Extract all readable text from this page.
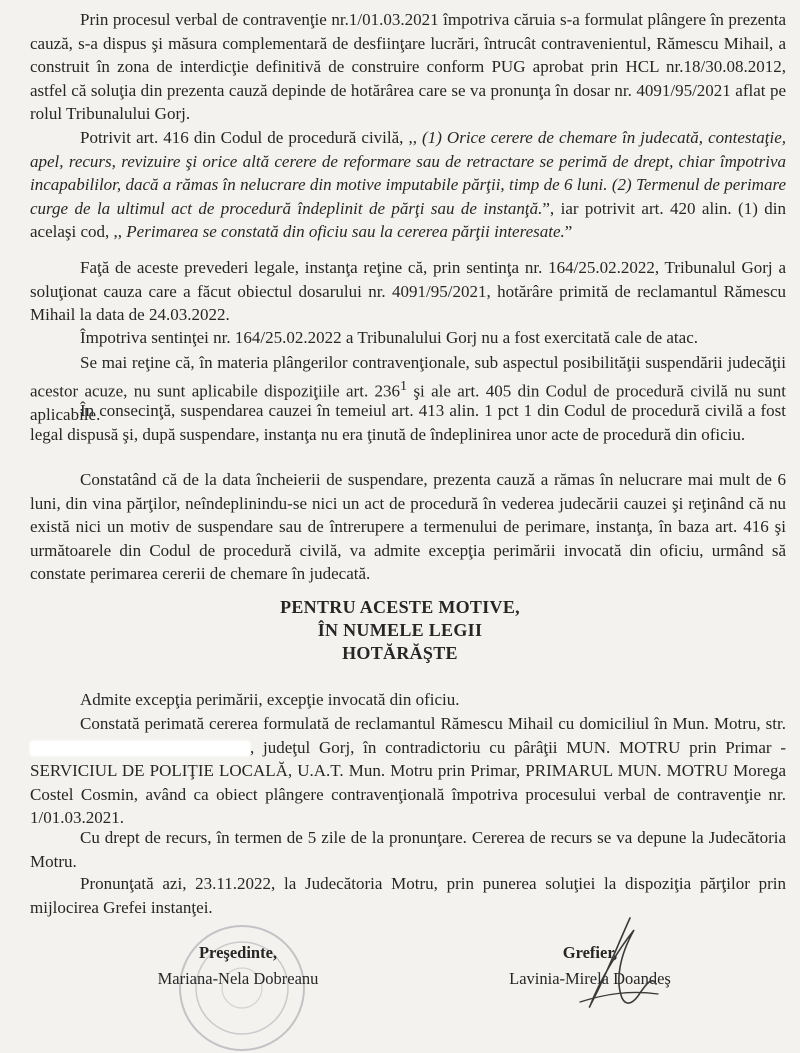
Prin procesul verbal de contravenţie nr.1/01.03.2021 împotriva căruia s-a formulat plângere în prezenta cauză, s-a dispus şi măsura complementară de desfiinţare lucrări, întrucât contravenientul, Rămescu Mihail, a construit în zona de interdicţie definitivă de construire conform PUG aprobat prin HCL nr.18/30.08.2012, astfel că soluţia din prezenta cauză depinde de hotărârea care se va pronunţa în dosar nr. 4091/95/2021 aflat pe rolul Tribunalului Gorj.

Potrivit art. 416 din Codul de procedură civilă, ,, (1) Orice cerere de chemare în judecată, contestaţie, apel, recurs, revizuire şi orice altă cerere de reformare sau de retractare se perimă de drept, chiar împotriva incapabililor, dacă a rămas în nelucrare din motive imputabile părţii, timp de 6 luni. (2) Termenul de perimare curge de la ultimul act de procedură îndeplinit de părţi sau de instanţă.”, iar potrivit art. 420 alin. (1) din acelaşi cod, ,, Perimarea se constată din oficiu sau la cererea părţii interesate.”

Faţă de aceste prevederi legale, instanţa reţine că, prin sentinţa nr. 164/25.02.2022, Tribunalul Gorj a soluţionat cauza care a făcut obiectul dosarului nr. 4091/95/2021, hotărâre primită de reclamantul Rămescu Mihail la data de 24.03.2022.

Împotriva sentinţei nr. 164/25.02.2022 a Tribunalului Gorj nu a fost exercitată cale de atac.

Se mai reţine că, în materia plângerilor contravenţionale, sub aspectul posibilităţii suspendării judecăţii acestor acuze, nu sunt aplicabile dispoziţiile art. $236^1$ şi ale art. 405 din Codul de procedură civilă nu sunt aplicabile.

În consecinţă, suspendarea cauzei în temeiul art. 413 alin. 1 pct 1 din Codul de procedură civilă a fost legal dispusă şi, după suspendare, instanţa nu era ţinută de îndeplinirea unor acte de procedură din oficiu.

Constatând că de la data încheierii de suspendare, prezenta cauză a rămas în nelucrare mai mult de 6 luni, din vina părţilor, neîndeplinindu-se nici un act de procedură în vederea judecării cauzei şi reţinând că nu există nici un motiv de suspendare sau de întrerupere a termenului de perimare, instanţa, în baza art. 416 şi următoarele din Codul de procedură civilă, va admite excepţia perimării invocată din oficiu, urmând să constate perimarea cererii de chemare în judecată.

PENTRU ACESTE MOTIVE,
ÎN NUMELE LEGII
HOTĂRĂŞTE

Admite excepţia perimării, excepţie invocată din oficiu.

Constată perimată cererea formulată de reclamantul Rămescu Mihail cu domiciliul în Mun. Motru, str. , judeţul Gorj, în contradictoriu cu pârâţii MUN. MOTRU prin Primar - SERVICIUL DE POLIŢIE LOCALĂ, U.A.T. Mun. Motru prin Primar, PRIMARUL MUN. MOTRU Morega Costel Cosmin, având ca obiect plângere contravenţională împotriva procesului verbal de contravenţie nr. 1/01.03.2021.

Cu drept de recurs, în termen de 5 zile de la pronunţare. Cererea de recurs se va depune la Judecătoria Motru.

Pronunţată azi, 23.11.2022, la Judecătoria Motru, prin punerea soluţiei la dispoziţia părţilor prin mijlocirea Grefei instanţei.

Preşedinte,
Mariana-Nela Dobreanu
Grefier,
Lavinia-Mirela Doandeş
